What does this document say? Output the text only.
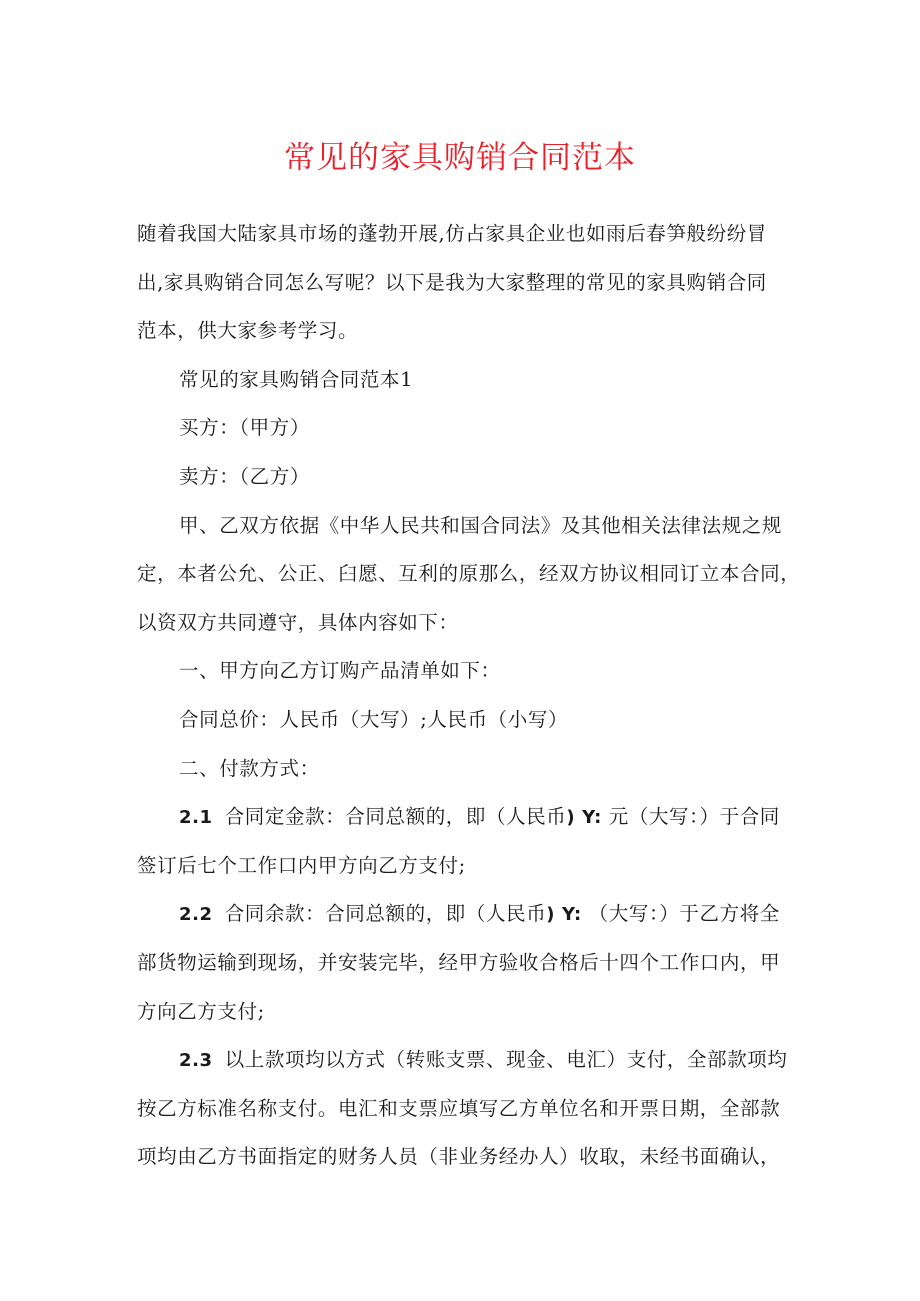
常见的家具购销合同范本
随着我国大陆家具市场的蓬勃开展,仿占家具企业也如雨后春笋般纷纷冒
出,家具购销合同怎么写呢？以下是我为大家整理的常见的家具购销合同
范本，供大家参考学习。
常见的家具购销合同范本1
买方：（甲方）
卖方：（乙方）
甲、乙双方依据《中华人民共和国合同法》及其他相关法律法规之规
定，本者公允、公正、臼愿、互利的原那么，经双方协议相同订立本合同，
以资双方共同遵守，具体内容如下：
一、甲方向乙方订购产品清单如下：
合同总价：人民币（大写）;人民币（小写）
二、付款方式：
2.1 合同定金款：合同总额的，即（人民币) Y: 元（大写：）于合同
签订后七个工作口内甲方向乙方支付;
2.2 合同余款：合同总额的，即（人民币) Y: （大写：）于乙方将全
部货物运输到现场，并安装完毕，经甲方验收合格后十四个工作口内，甲
方向乙方支付;
2.3 以上款项均以方式（转账支票、现金、电汇）支付，全部款项均
按乙方标准名称支付。电汇和支票应填写乙方单位名和开票日期，全部款
项均由乙方书面指定的财务人员（非业务经办人）收取，未经书面确认，
